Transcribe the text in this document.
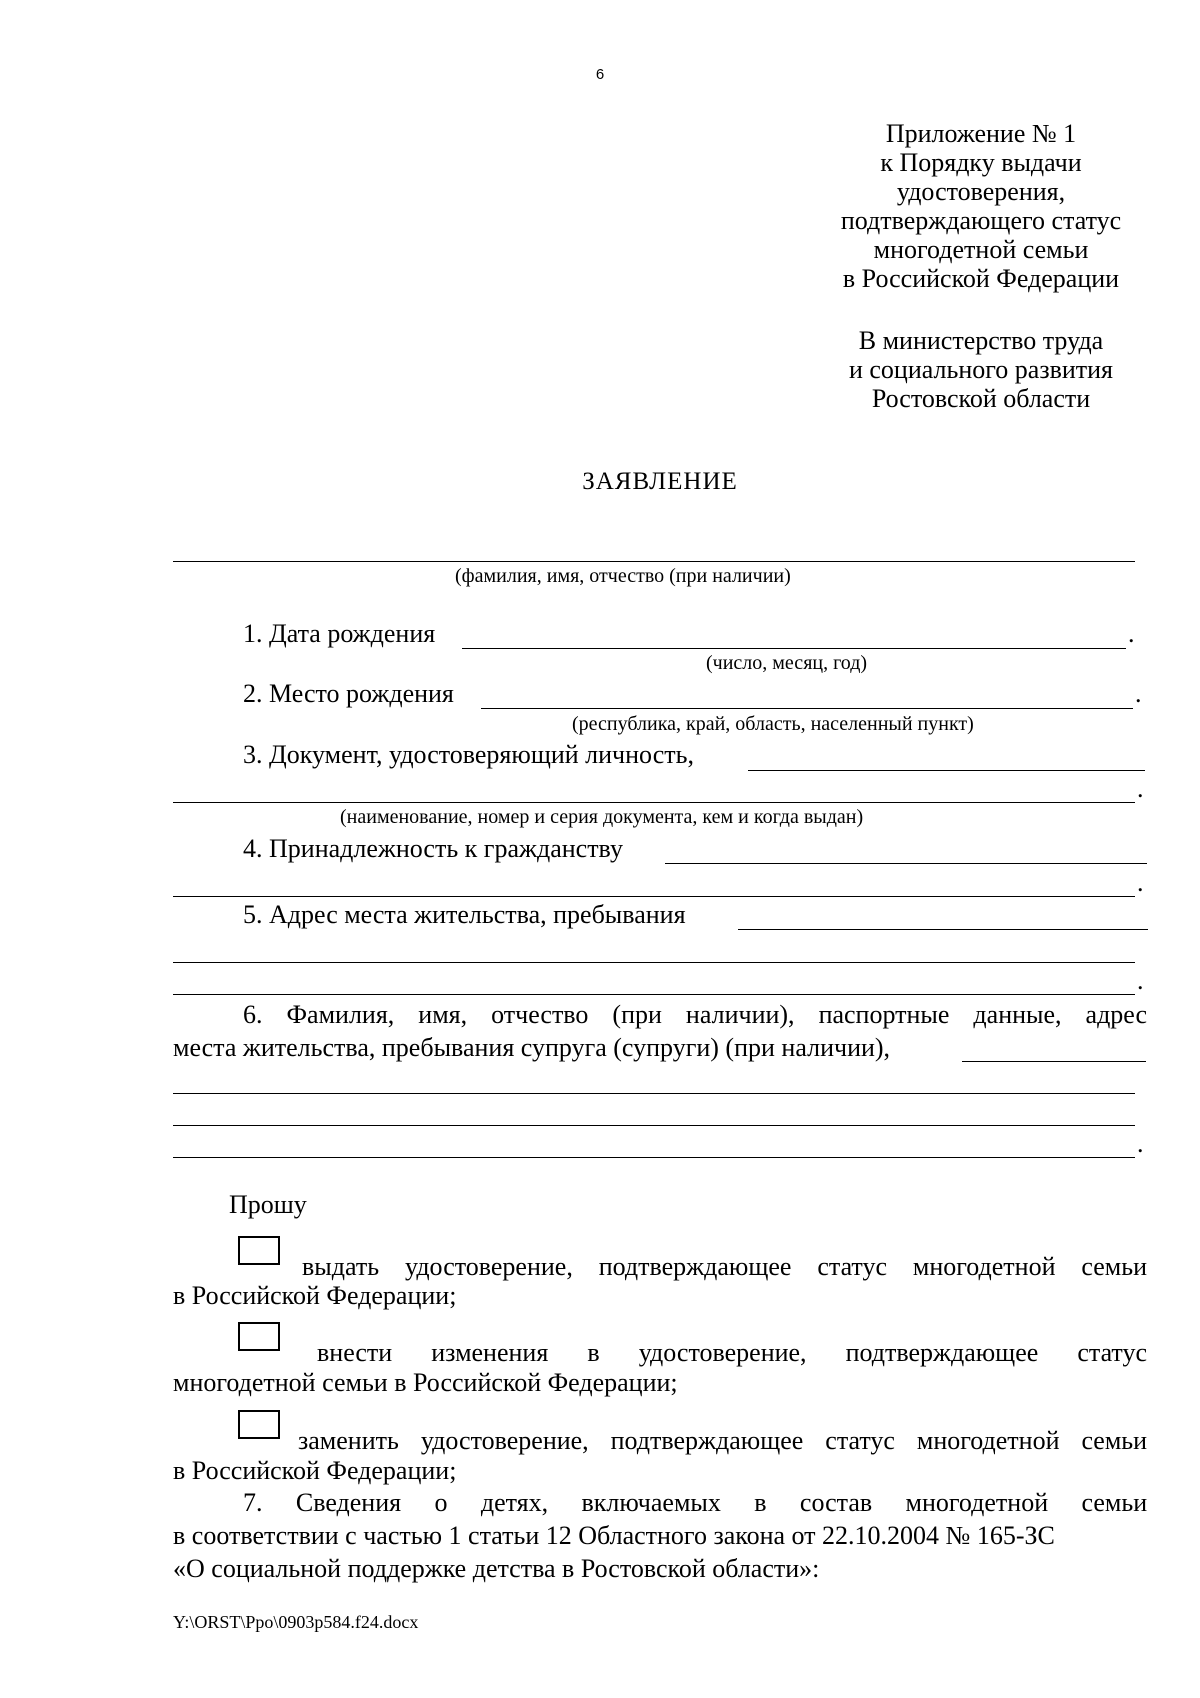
6
Приложение № 1
к Порядку выдачи
удостоверения,
подтверждающего статус
многодетной семьи
в Российской Федерации
В министерство труда
и социального развития
Ростовской области
ЗАЯВЛЕНИЕ
(фамилия, имя, отчество (при наличии)
1. Дата рождения	.
(число, месяц, год)
2. Место рождения	.
(республика, край, область, населенный пункт)
3. Документ, удостоверяющий личность,
.
(наименование, номер и серия документа, кем и когда выдан)
4. Принадлежность к гражданству
.
5. Адрес места жительства, пребывания
.
6. Фамилия, имя, отчество (при наличии), паспортные данные, адрес
места жительства, пребывания супруга (супруги) (при наличии),
.
Прошу
выдать удостоверение, подтверждающее статус многодетной семьи
в Российской Федерации;
внести изменения в удостоверение, подтверждающее статус
многодетной семьи в Российской Федерации;
заменить удостоверение, подтверждающее статус многодетной семьи
в Российской Федерации;
7. Сведения о детях, включаемых в состав многодетной семьи
в соответствии с частью 1 статьи 12 Областного закона от 22.10.2004 № 165-ЗС
«О социальной поддержке детства в Ростовской области»:
Y:\ORST\Ppo\0903p584.f24.docx
